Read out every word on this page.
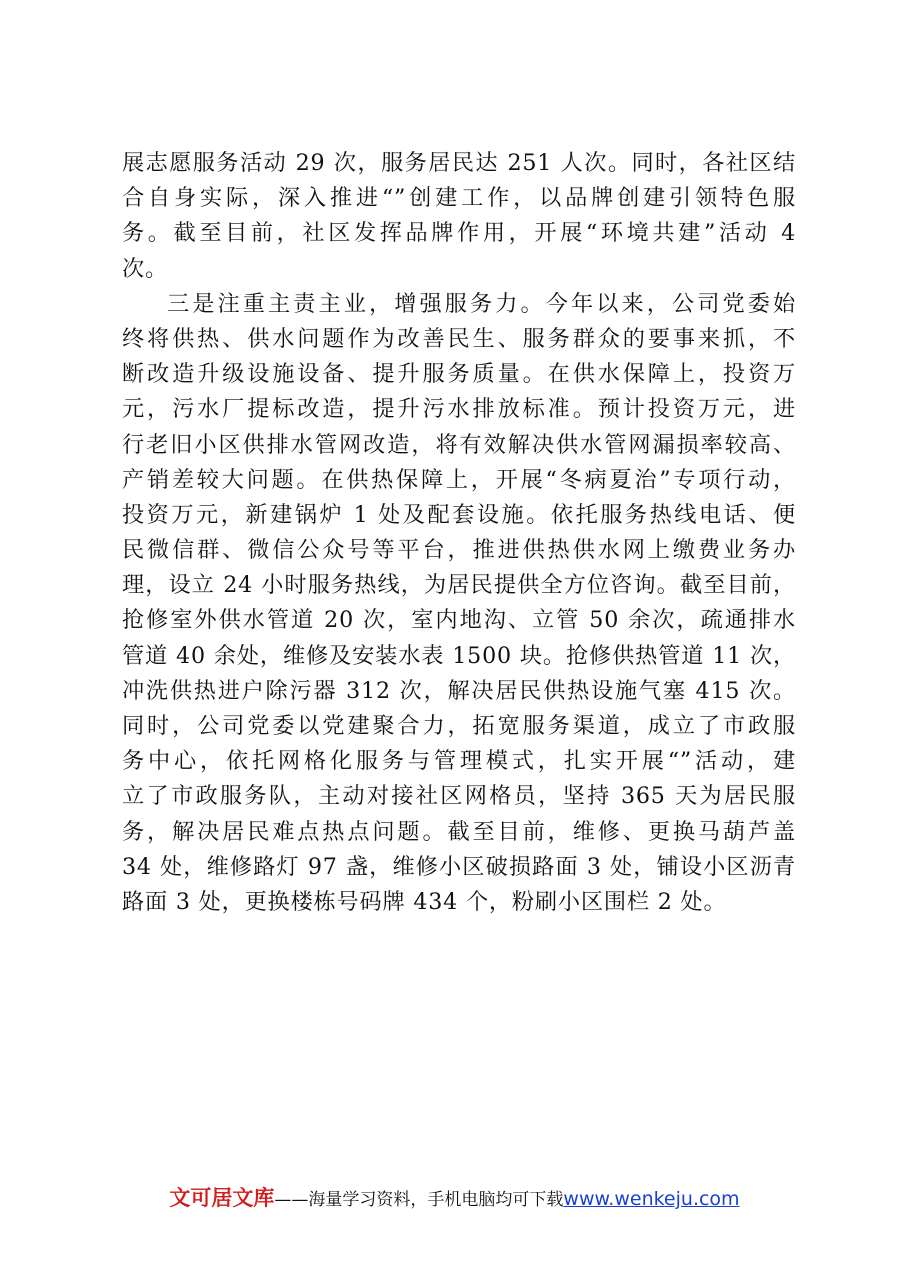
展志愿服务活动 29 次，服务居民达 251 人次。同时，各社区结
合自身实际，深入推进“”创建工作，以品牌创建引领特色服
务。截至目前，社区发挥品牌作用，开展“环境共建”活动 4
次。
三是注重主责主业，增强服务力。今年以来，公司党委始
终将供热、供水问题作为改善民生、服务群众的要事来抓，不
断改造升级设施设备、提升服务质量。在供水保障上，投资万
元，污水厂提标改造，提升污水排放标准。预计投资万元，进
行老旧小区供排水管网改造，将有效解决供水管网漏损率较高、
产销差较大问题。在供热保障上，开展“冬病夏治”专项行动，
投资万元，新建锅炉 1 处及配套设施。依托服务热线电话、便
民微信群、微信公众号等平台，推进供热供水网上缴费业务办
理，设立 24 小时服务热线，为居民提供全方位咨询。截至目前，
抢修室外供水管道 20 次，室内地沟、立管 50 余次，疏通排水
管道 40 余处，维修及安装水表 1500 块。抢修供热管道 11 次，
冲洗供热进户除污器 312 次，解决居民供热设施气塞 415 次。
同时，公司党委以党建聚合力，拓宽服务渠道，成立了市政服
务中心，依托网格化服务与管理模式，扎实开展“”活动，建
立了市政服务队，主动对接社区网格员，坚持 365 天为居民服
务，解决居民难点热点问题。截至目前，维修、更换马葫芦盖
34 处，维修路灯 97 盏，维修小区破损路面 3 处，铺设小区沥青
路面 3 处，更换楼栋号码牌 434 个，粉刷小区围栏 2 处。
文可居文库——海量学习资料，手机电脑均可下载www.wenkeju.com
